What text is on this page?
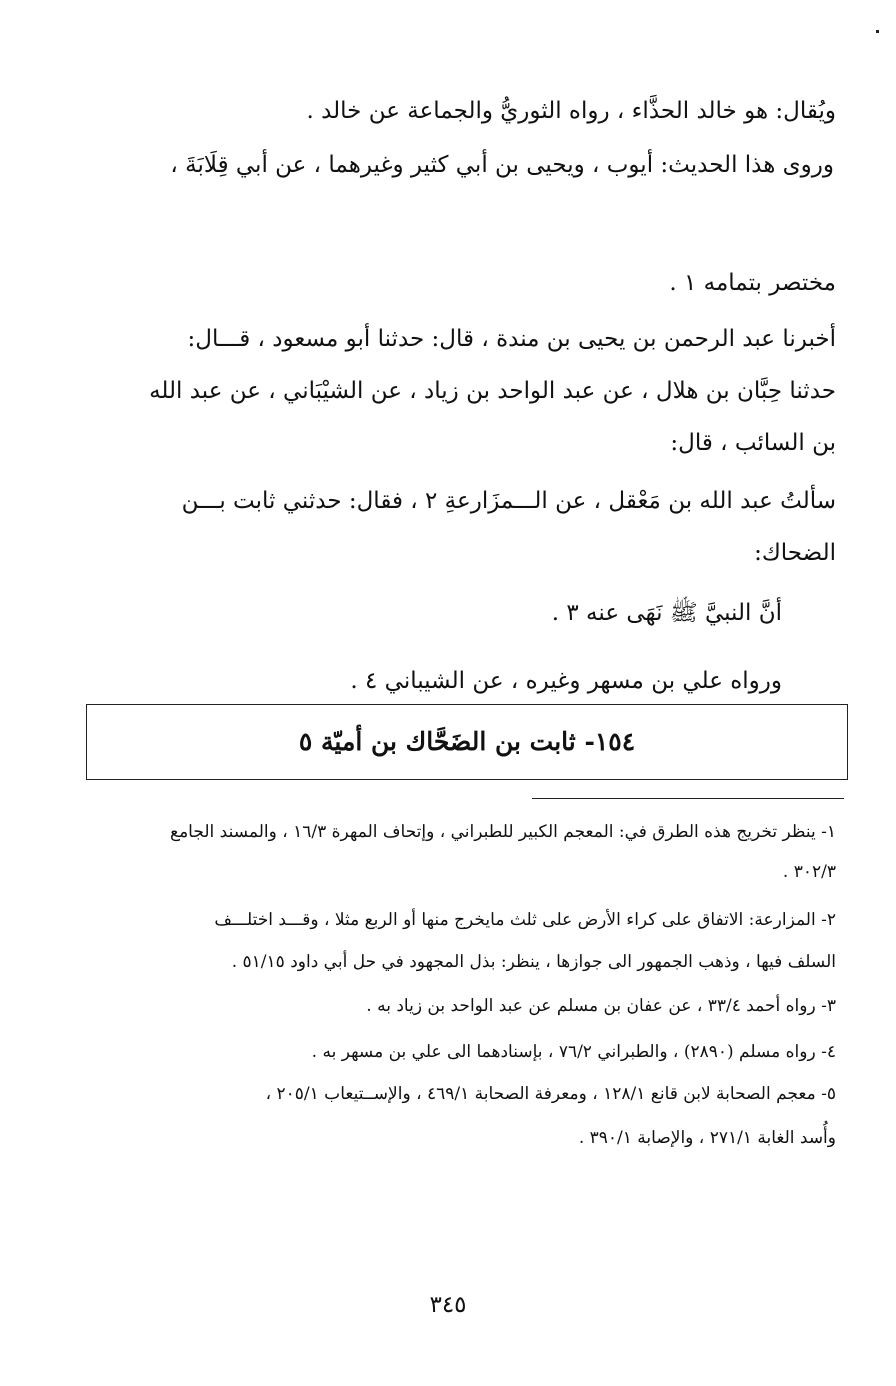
ويُقال: هو خالد الحذَّاء ، رواه الثوريُّ والجماعة عن خالد .
وروى هذا الحديث: أيوب ، ويحيى بن أبي كثير وغيرهما ، عن أبي قِلَابَةَ ،
مختصر بتمامه ١ .
أخبرنا عبد الرحمن بن يحيى بن مندة ، قال: حدثنا أبو مسعود ، قـــال:
حدثنا حِبَّان بن هلال ، عن عبد الواحد بن زياد ، عن الشيْبَاني ، عن عبد الله
بن السائب ، قال:
سألتُ عبد الله بن مَعْقل ، عن الـــمزَارعةِ ٢ ، فقال: حدثني ثابت بـــن
الضحاك:
أنَّ النبيَّ ﷺ نَهَى عنه ٣ .
ورواه علي بن مسهر وغيره ، عن الشيباني ٤ .
١٥٤- ثابت بن الضَحَّاك بن أميّة ٥
١- ينظر تخريج هذه الطرق في: المعجم الكبير للطبراني ، وإتحاف المهرة ١٦/٣ ، والمسند الجامع
٣٠٢/٣ .
٢- المزارعة: الاتفاق على كراء الأرض على ثلث مايخرج منها أو الربع مثلا ، وقـــد اختلـــف
السلف فيها ، وذهب الجمهور الى جوازها ، ينظر: بذل المجهود في حل أبي داود ٥١/١٥ .
٣- رواه أحمد ٣٣/٤ ، عن عفان بن مسلم عن عبد الواحد بن زياد به .
٤- رواه مسلم (٢٨٩٠) ، والطبراني ٧٦/٢ ، بإسنادهما الى علي بن مسهر به .
٥- معجم الصحابة لابن قانع ١٢٨/١ ، ومعرفة الصحابة ٤٦٩/١ ، والإســتيعاب ٢٠٥/١ ،
وأُسد الغابة ٢٧١/١ ، والإصابة ٣٩٠/١ .
٣٤٥
